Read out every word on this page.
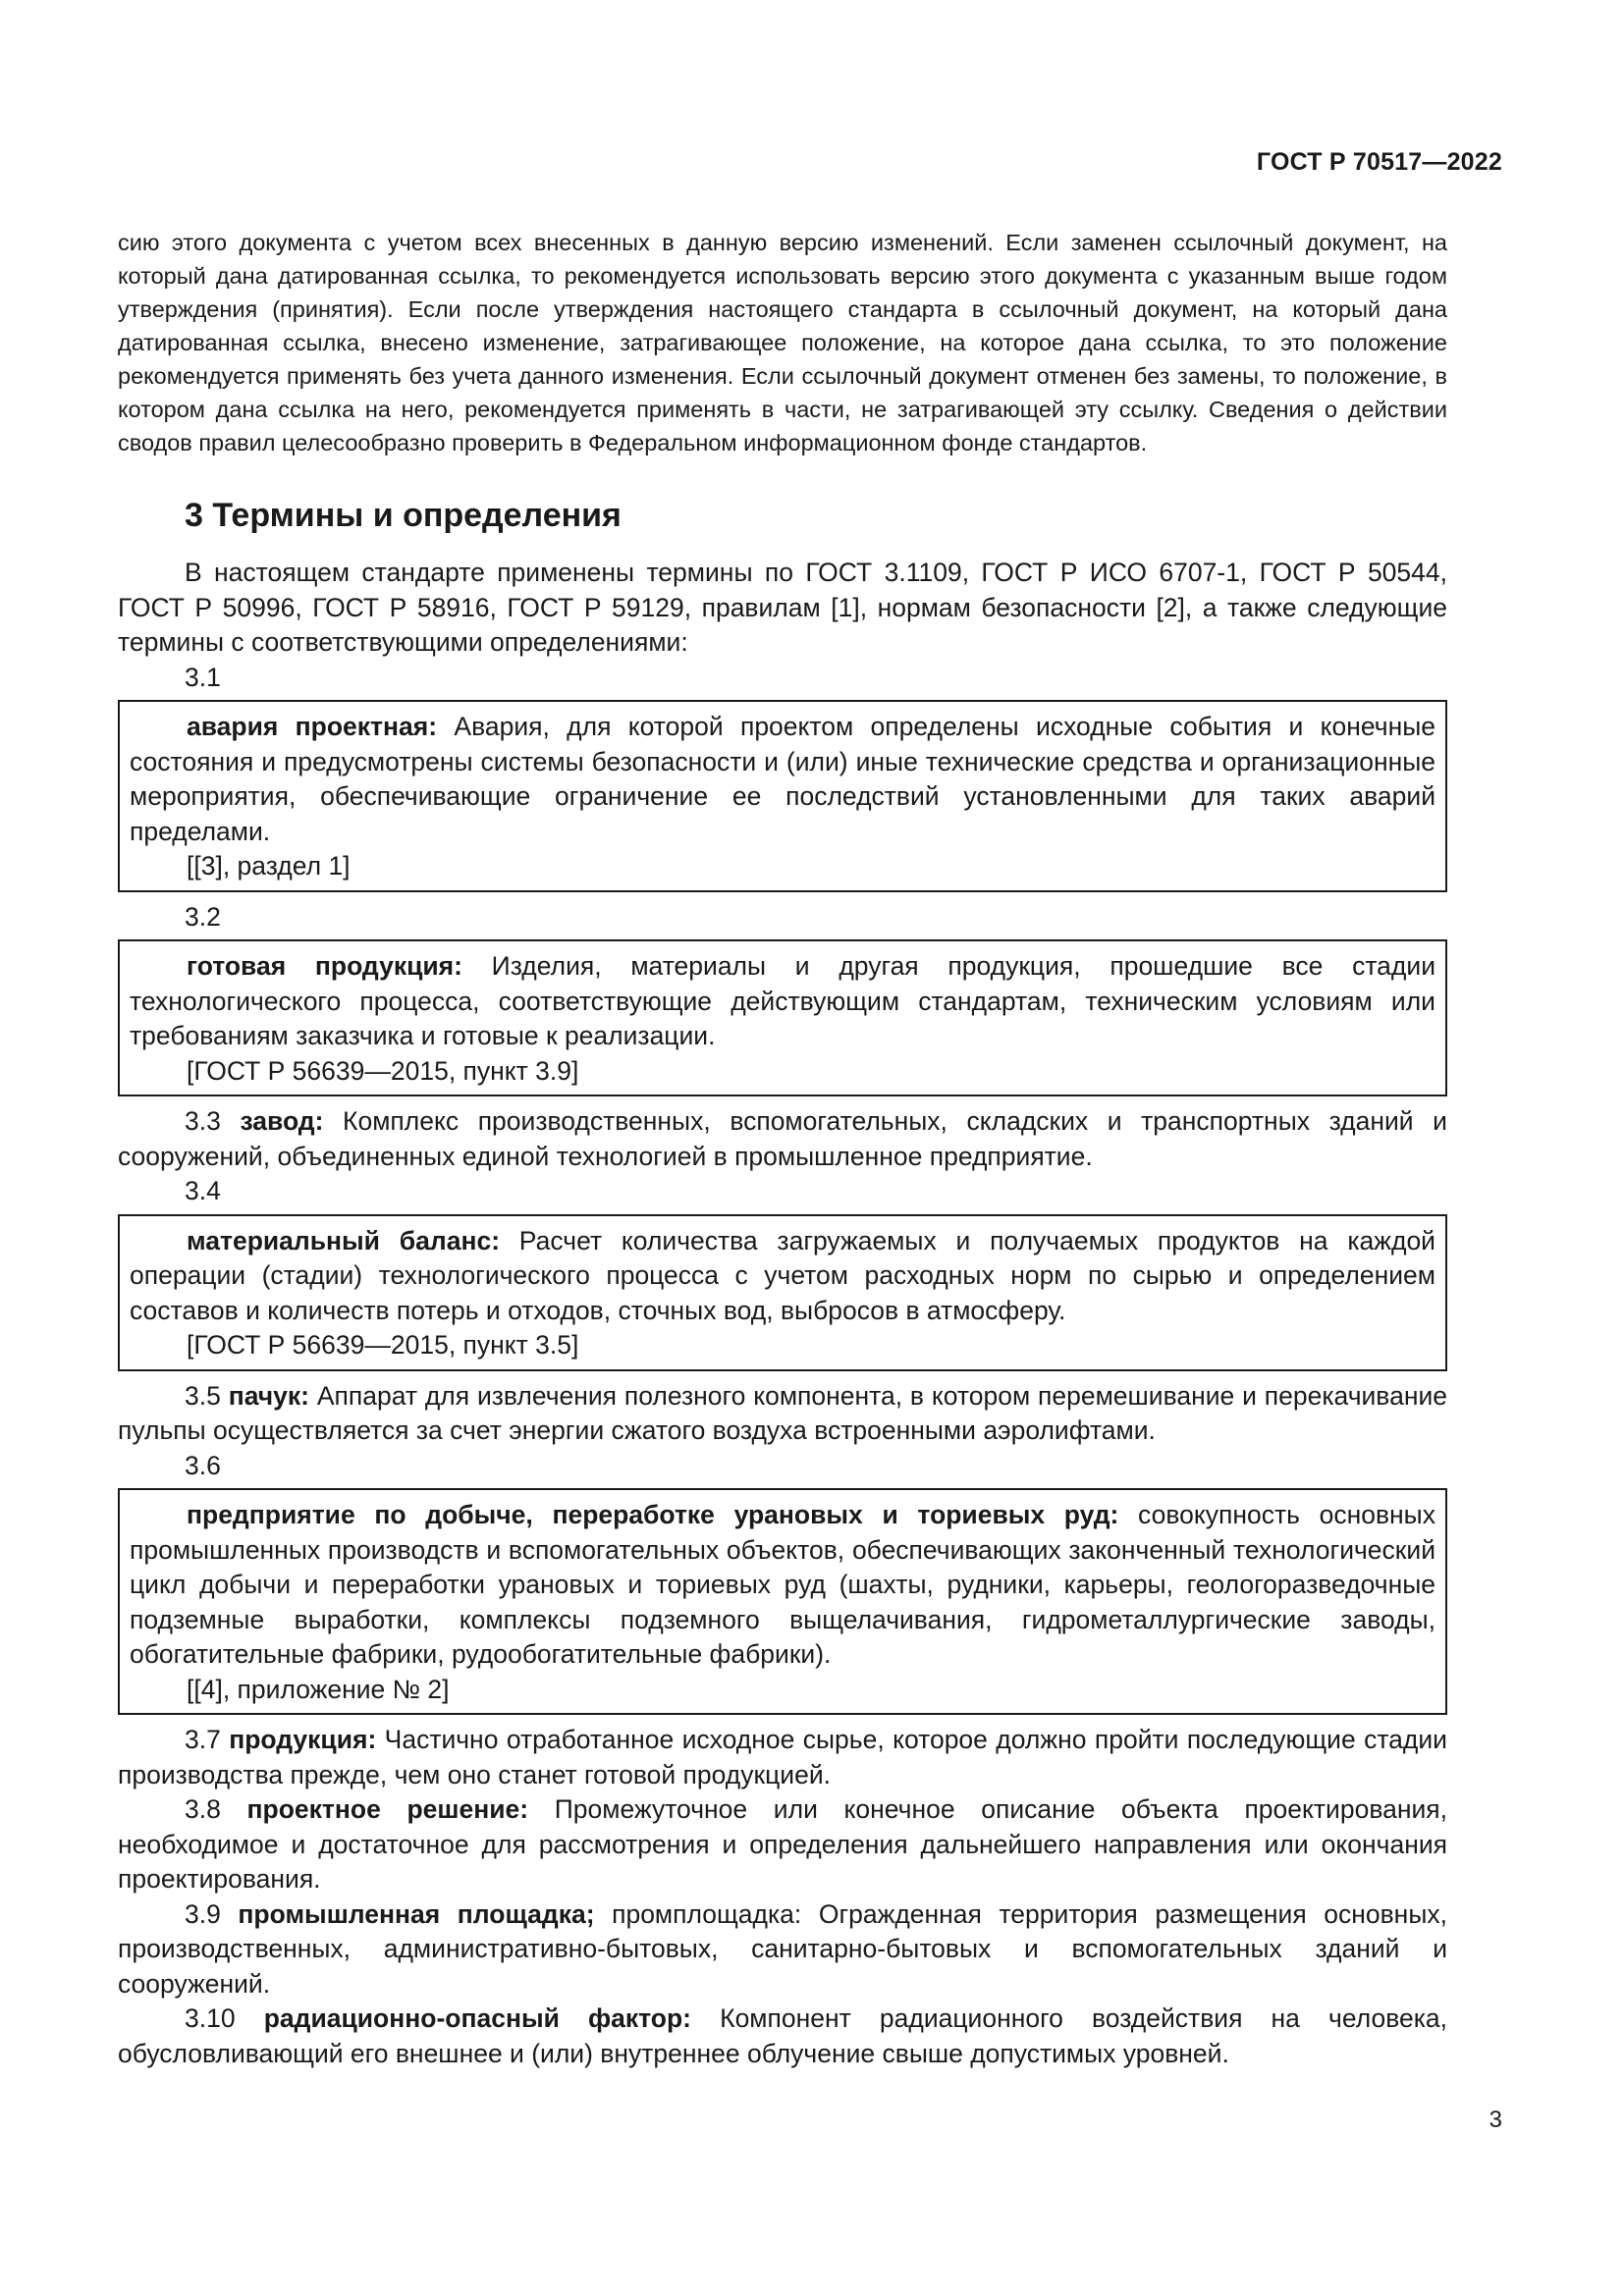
ГОСТ Р 70517—2022

сию этого документа с учетом всех внесенных в данную версию изменений. Если заменен ссылочный документ, на который дана датированная ссылка, то рекомендуется использовать версию этого документа с указанным выше годом утверждения (принятия). Если после утверждения настоящего стандарта в ссылочный документ, на который дана датированная ссылка, внесено изменение, затрагивающее положение, на которое дана ссылка, то это положение рекомендуется применять без учета данного изменения. Если ссылочный документ отменен без замены, то положение, в котором дана ссылка на него, рекомендуется применять в части, не затрагивающей эту ссылку. Сведения о действии сводов правил целесообразно проверить в Федеральном информационном фонде стандартов.

3 Термины и определения

В настоящем стандарте применены термины по ГОСТ 3.1109, ГОСТ Р ИСО 6707-1, ГОСТ Р 50544, ГОСТ Р 50996, ГОСТ Р 58916, ГОСТ Р 59129, правилам [1], нормам безопасности [2], а также следующие термины с соответствующими определениями:

3.1

авария проектная: Авария, для которой проектом определены исходные события и конечные состояния и предусмотрены системы безопасности и (или) иные технические средства и организационные мероприятия, обеспечивающие ограничение ее последствий установленными для таких аварий пределами.

[[3], раздел 1]

3.2

готовая продукция: Изделия, материалы и другая продукция, прошедшие все стадии технологического процесса, соответствующие действующим стандартам, техническим условиям или требованиям заказчика и готовые к реализации.

[ГОСТ Р 56639—2015, пункт 3.9]

3.3 завод: Комплекс производственных, вспомогательных, складских и транспортных зданий и сооружений, объединенных единой технологией в промышленное предприятие.

3.4

материальный баланс: Расчет количества загружаемых и получаемых продуктов на каждой операции (стадии) технологического процесса с учетом расходных норм по сырью и определением составов и количеств потерь и отходов, сточных вод, выбросов в атмосферу.

[ГОСТ Р 56639—2015, пункт 3.5]

3.5 пачук: Аппарат для извлечения полезного компонента, в котором перемешивание и перекачивание пульпы осуществляется за счет энергии сжатого воздуха встроенными аэролифтами.

3.6

предприятие по добыче, переработке урановых и ториевых руд: совокупность основных промышленных производств и вспомогательных объектов, обеспечивающих законченный технологический цикл добычи и переработки урановых и ториевых руд (шахты, рудники, карьеры, геологоразведочные подземные выработки, комплексы подземного выщелачивания, гидрометаллургические заводы, обогатительные фабрики, рудообогатительные фабрики).

[[4], приложение № 2]

3.7 продукция: Частично отработанное исходное сырье, которое должно пройти последующие стадии производства прежде, чем оно станет готовой продукцией.

3.8 проектное решение: Промежуточное или конечное описание объекта проектирования, необходимое и достаточное для рассмотрения и определения дальнейшего направления или окончания проектирования.

3.9 промышленная площадка; промплощадка: Огражденная территория размещения основных, производственных, административно-бытовых, санитарно-бытовых и вспомогательных зданий и сооружений.

3.10 радиационно-опасный фактор: Компонент радиационного воздействия на человека, обусловливающий его внешнее и (или) внутреннее облучение свыше допустимых уровней.

3
